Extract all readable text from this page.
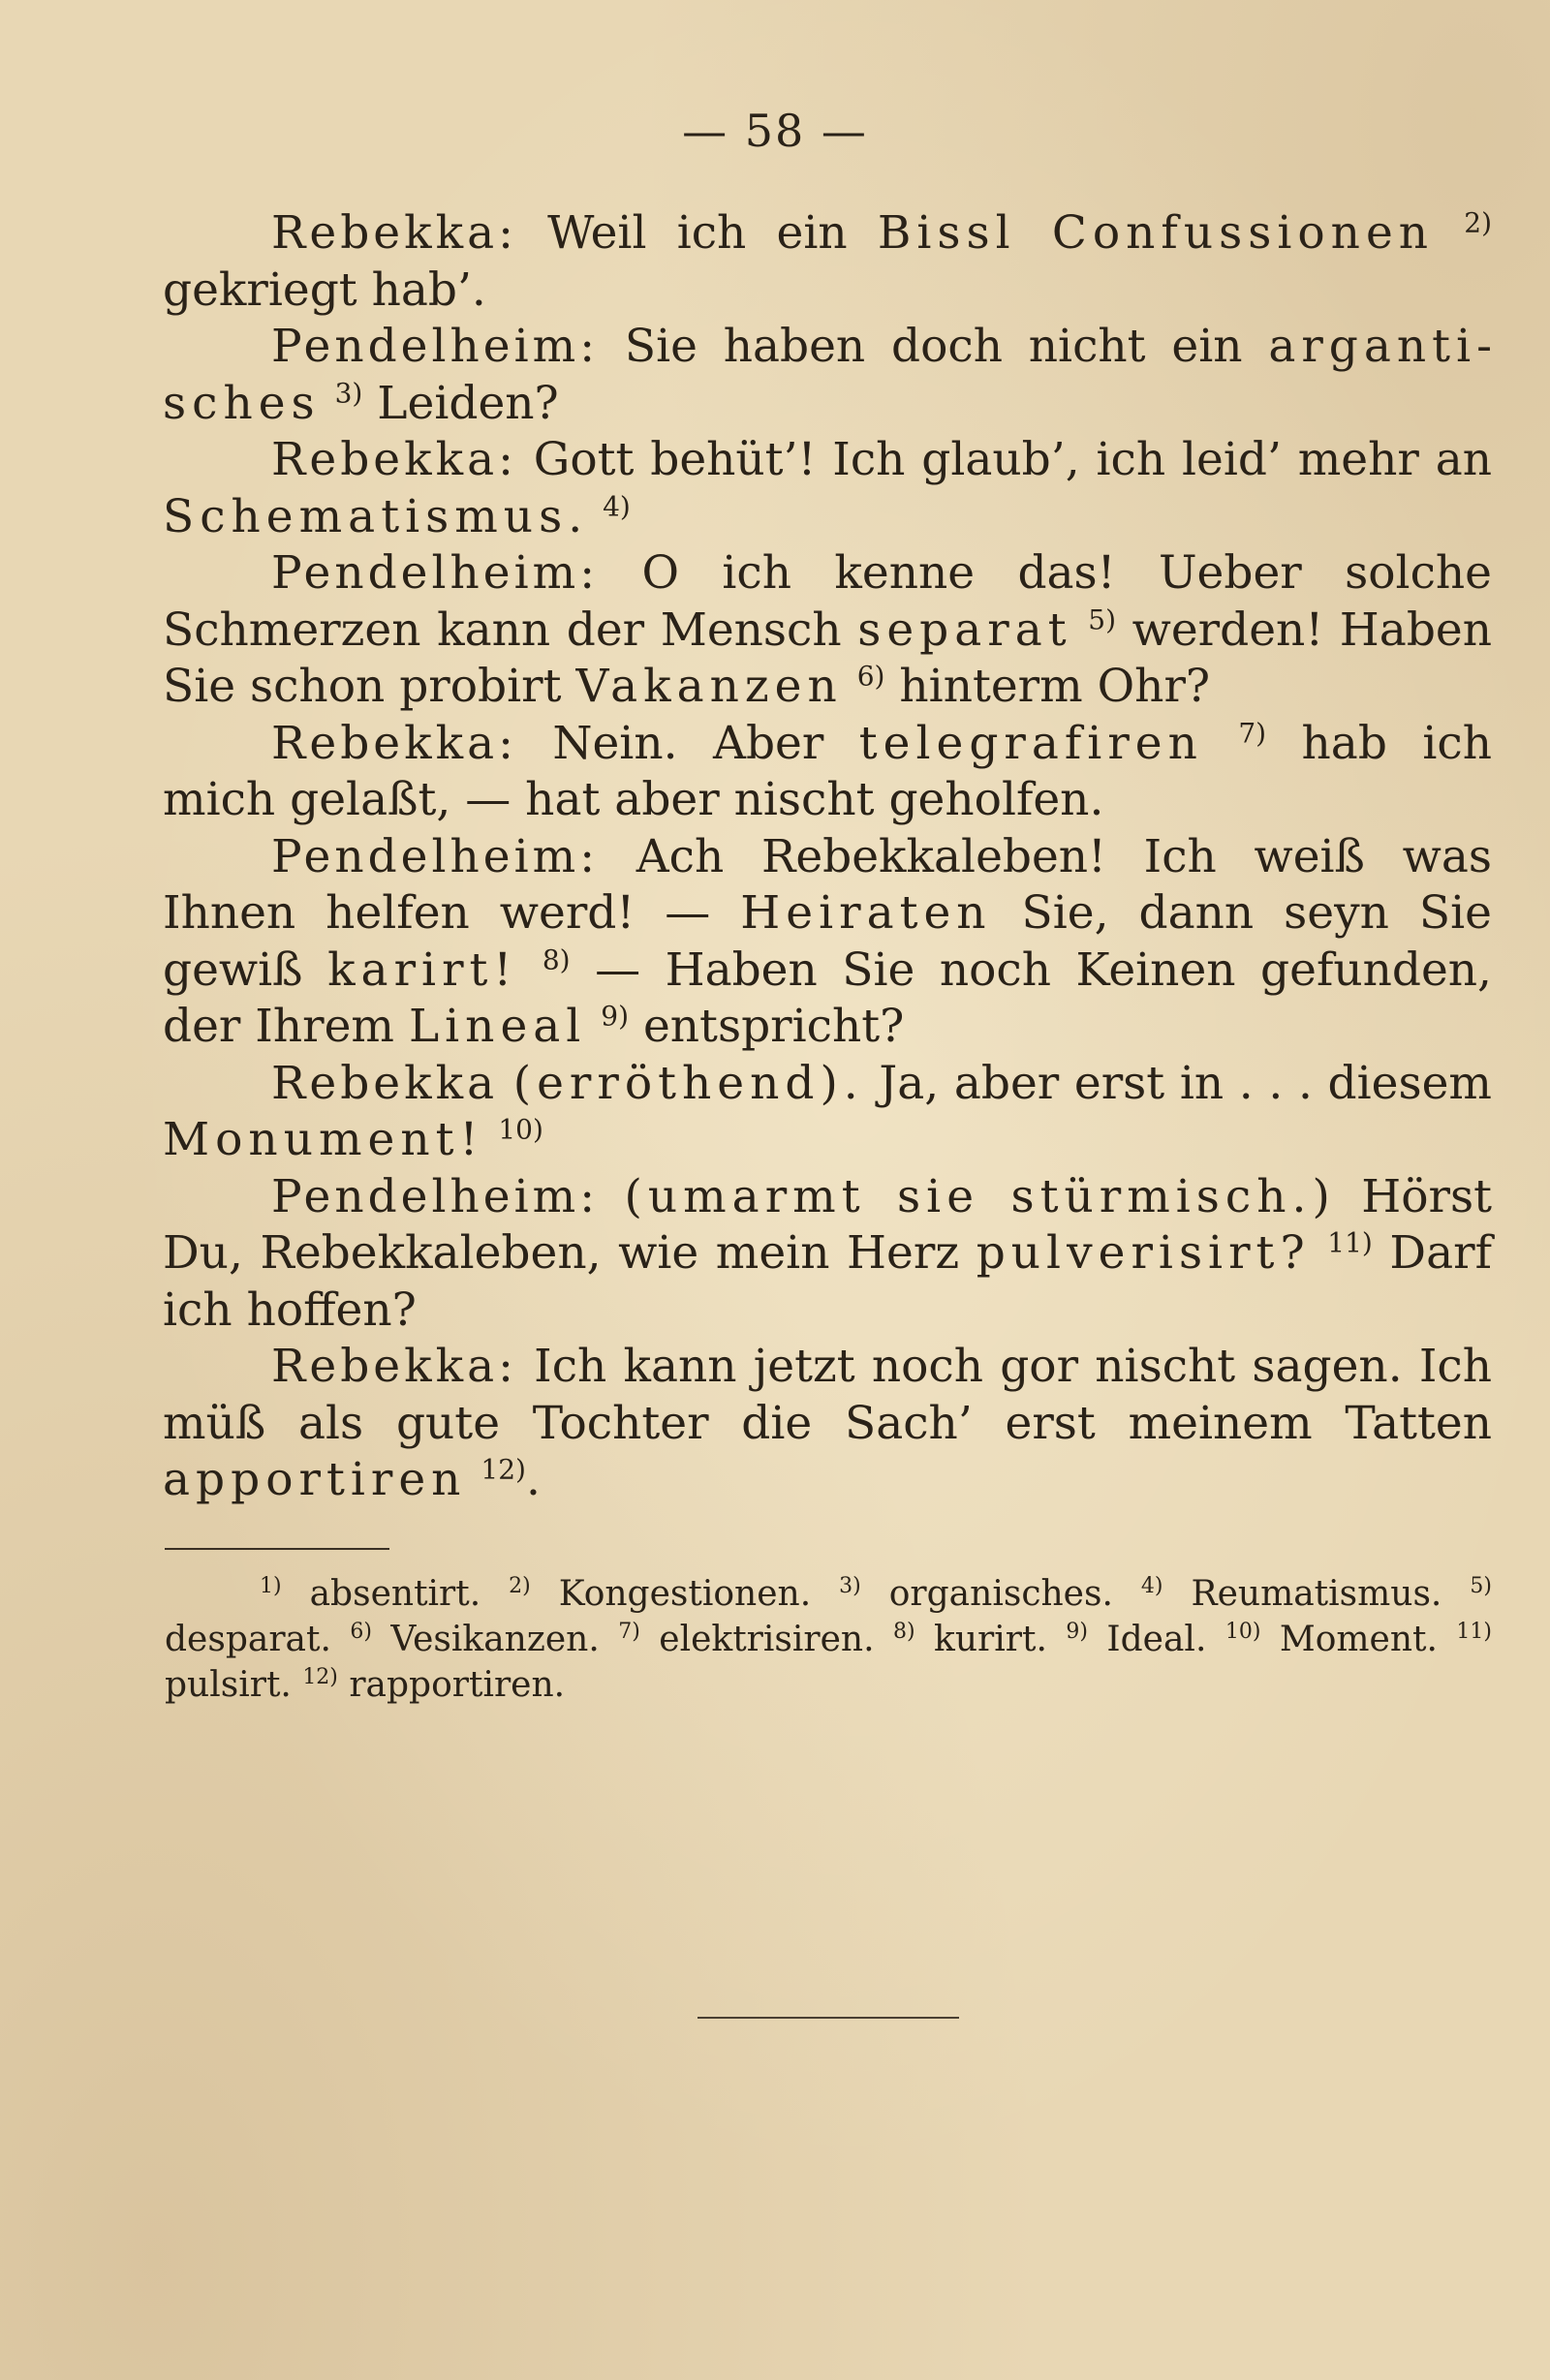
— 58 —

Rebekka: Weil ich ein Bissl Confussionen $^{2)}$ gekriegt hab’.

Pendelheim: Sie haben doch nicht ein argantisches $^{3)}$ Leiden?

Rebekka: Gott behüt’! Ich glaub’, ich leid’ mehr an Schematismus. $^{4)}$

Pendelheim: O ich kenne das! Ueber solche Schmerzen kann der Mensch separat $^{5)}$ werden! Haben Sie schon probirt Vakanzen $^{6)}$ hinterm Ohr?

Rebekka: Nein. Aber telegrafiren $^{7)}$ hab ich mich gelaßt, — hat aber nischt geholfen.

Pendelheim: Ach Rebekkaleben! Ich weiß was Ihnen helfen werd! — Heiraten Sie, dann seyn Sie gewiß karirt! $^{8)}$ — Haben Sie noch Keinen gefunden, der Ihrem Lineal $^{9)}$ entspricht?

Rebekka (erröthend). Ja, aber erst in . . . diesem Monument! $^{10)}$

Pendelheim: (umarmt sie stürmisch.) Hörst Du, Rebekkaleben, wie mein Herz pulverisirt? $^{11)}$ Darf ich hoffen?

Rebekka: Ich kann jetzt noch gor nischt sagen. Ich müß als gute Tochter die Sach’ erst meinem Tatten apportiren $^{12)}$.

$^{1)}$ absentirt. $^{2)}$ Kongestionen. $^{3)}$ organisches. $^{4)}$ Reumatismus. $^{5)}$ desparat. $^{6)}$ Vesikanzen. $^{7)}$ elektrisiren. $^{8)}$ kurirt. $^{9)}$ Ideal. $^{10)}$ Moment. $^{11)}$ pulsirt. $^{12)}$ rapportiren.
